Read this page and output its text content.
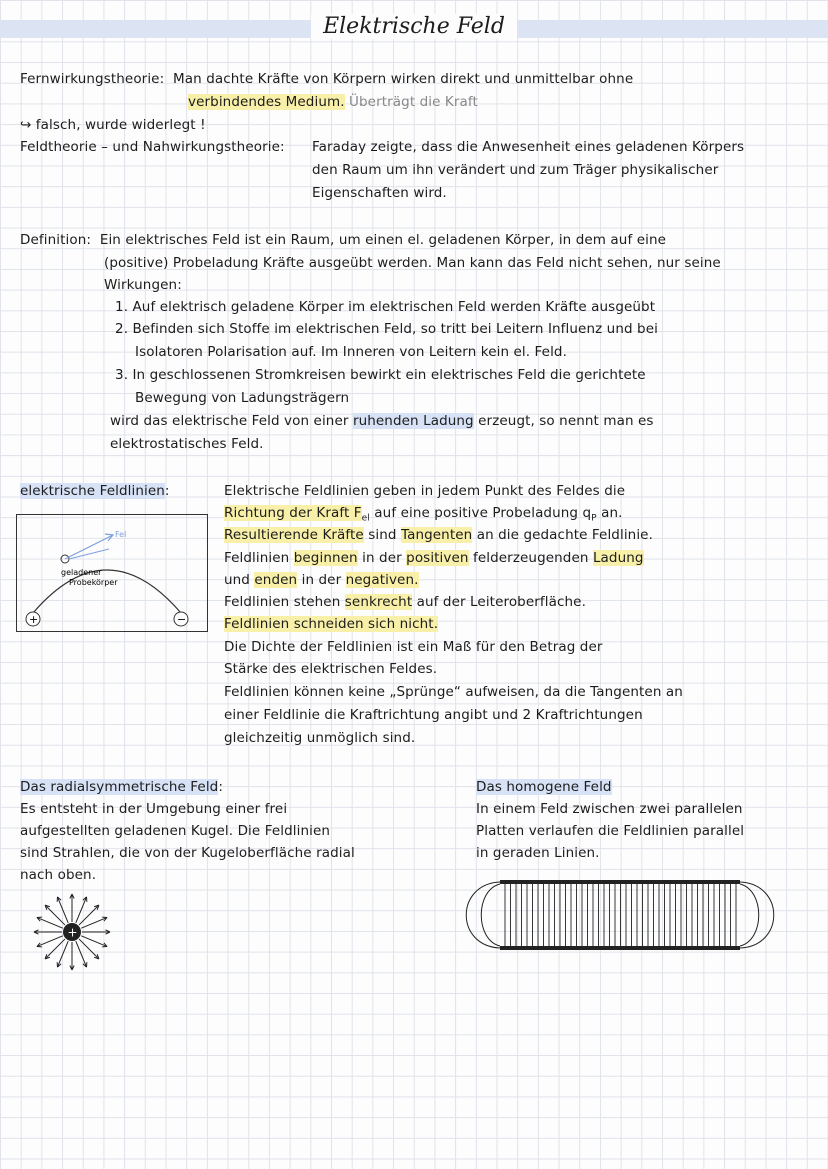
Elektrische Feld
Fernwirkungstheorie: Man dachte Kräfte von Körpern wirken direkt und unmittelbar ohne
verbindendes Medium. Überträgt die Kraft
↪ falsch, wurde widerlegt !
Feldtheorie – und Nahwirkungstheorie: Faraday zeigte, dass die Anwesenheit eines geladenen Körpers
den Raum um ihn verändert und zum Träger physikalischer
Eigenschaften wird.
Definition: Ein elektrisches Feld ist ein Raum, um einen el. geladenen Körper, in dem auf eine
(positive) Probeladung Kräfte ausgeübt werden. Man kann das Feld nicht sehen, nur seine
Wirkungen:
1. Auf elektrisch geladene Körper im elektrischen Feld werden Kräfte ausgeübt
2. Befinden sich Stoffe im elektrischen Feld, so tritt bei Leitern Influenz und bei
Isolatoren Polarisation auf. Im Inneren von Leitern kein el. Feld.
3. In geschlossenen Stromkreisen bewirkt ein elektrisches Feld die gerichtete
Bewegung von Ladungsträgern
wird das elektrische Feld von einer ruhenden Ladung erzeugt, so nennt man es
elektrostatisches Feld.
elektrische Feldlinien:	Elektrische Feldlinien geben in jedem Punkt des Feldes die
Richtung der Kraft $F_{el}$ auf eine positive Probeladung $q_P$ an.
Resultierende Kräfte sind Tangenten an die gedachte Feldlinie.
Feldlinien beginnen in der positiven felderzeugenden Ladung
und enden in der negativen.
Feldlinien stehen senkrecht auf der Leiteroberfläche.
Feldlinien schneiden sich nicht.
Die Dichte der Feldlinien ist ein Maß für den Betrag der
Stärke des elektrischen Feldes.
Feldlinien können keine „Sprünge“ aufweisen, da die Tangenten an
einer Feldlinie die Kraftrichtung angibt und 2 Kraftrichtungen
gleichzeitig unmöglich sind.
+	−
Fel
geladener
Probekörper
Das radialsymmetrische Feld:
Es entsteht in der Umgebung einer frei
aufgestellten geladenen Kugel. Die Feldlinien
sind Strahlen, die von der Kugeloberfläche radial
nach oben.
+
Das homogene Feld
In einem Feld zwischen zwei parallelen
Platten verlaufen die Feldlinien parallel
in geraden Linien.
